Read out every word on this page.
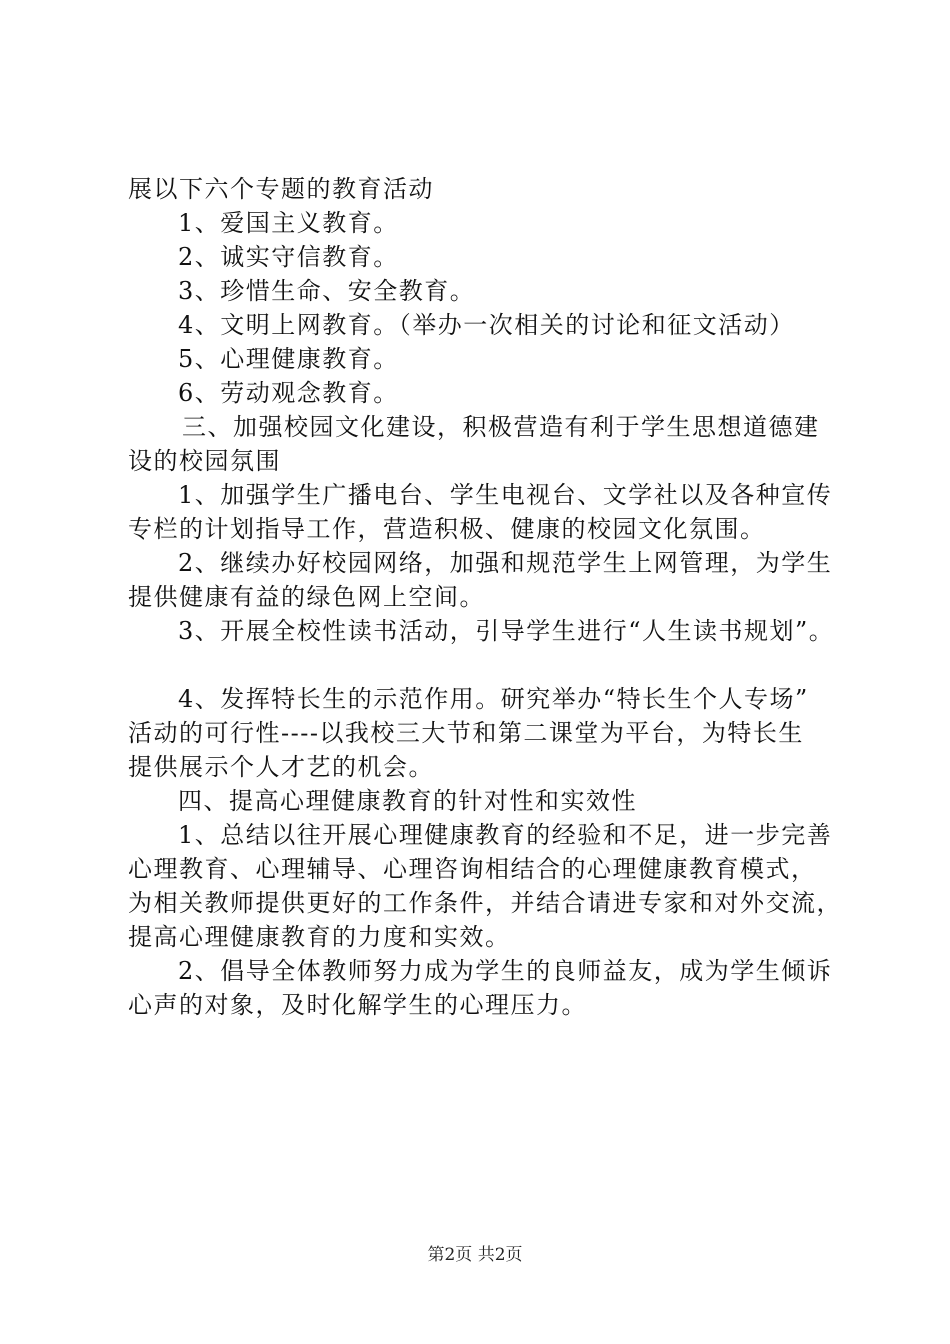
展以下六个专题的教育活动

1、爱国主义教育。

2、诚实守信教育。

3、珍惜生命、安全教育。

4、文明上网教育。（举办一次相关的讨论和征文活动）

5、心理健康教育。

6、劳动观念教育。

三、加强校园文化建设，积极营造有利于学生思想道德建

设的校园氛围

1、加强学生广播电台、学生电视台、文学社以及各种宣传

专栏的计划指导工作，营造积极、健康的校园文化氛围。

2、继续办好校园网络，加强和规范学生上网管理，为学生

提供健康有益的绿色网上空间。

3、开展全校性读书活动，引导学生进行“人生读书规划”。

4、发挥特长生的示范作用。研究举办“特长生个人专场”

活动的可行性----以我校三大节和第二课堂为平台，为特长生

提供展示个人才艺的机会。

四、提高心理健康教育的针对性和实效性

1、总结以往开展心理健康教育的经验和不足，进一步完善

心理教育、心理辅导、心理咨询相结合的心理健康教育模式，

为相关教师提供更好的工作条件，并结合请进专家和对外交流，

提高心理健康教育的力度和实效。

2、倡导全体教师努力成为学生的良师益友，成为学生倾诉

心声的对象，及时化解学生的心理压力。

第2页 共2页
